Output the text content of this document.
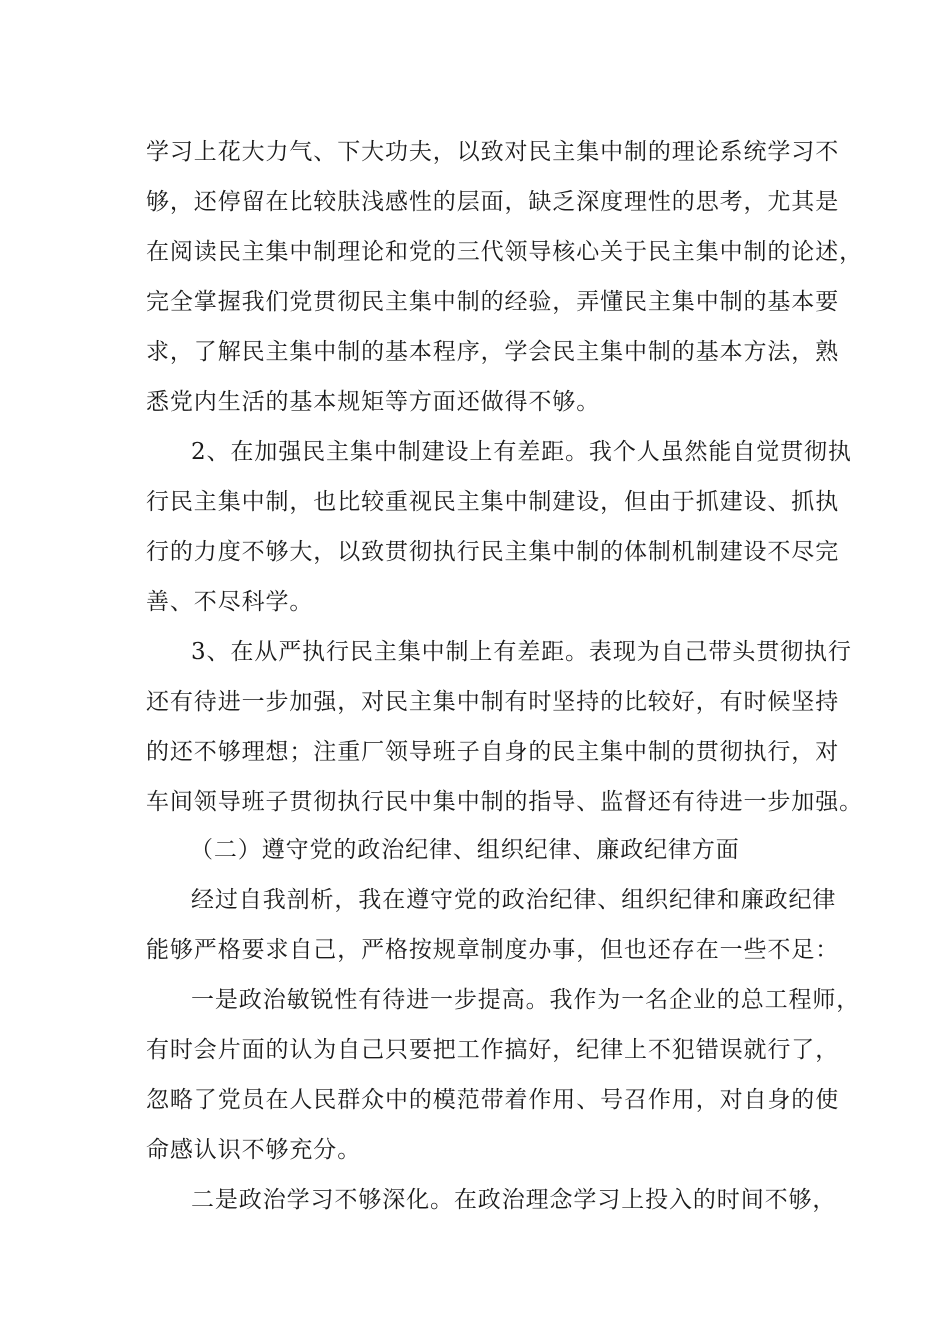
学习上花大力气、下大功夫，以致对民主集中制的理论系统学习不
够，还停留在比较肤浅感性的层面，缺乏深度理性的思考，尤其是
在阅读民主集中制理论和党的三代领导核心关于民主集中制的论述，
完全掌握我们党贯彻民主集中制的经验，弄懂民主集中制的基本要
求，了解民主集中制的基本程序，学会民主集中制的基本方法，熟
悉党内生活的基本规矩等方面还做得不够。
2、在加强民主集中制建设上有差距。我个人虽然能自觉贯彻执
行民主集中制，也比较重视民主集中制建设，但由于抓建设、抓执
行的力度不够大，以致贯彻执行民主集中制的体制机制建设不尽完
善、不尽科学。
3、在从严执行民主集中制上有差距。表现为自己带头贯彻执行
还有待进一步加强，对民主集中制有时坚持的比较好，有时候坚持
的还不够理想；注重厂领导班子自身的民主集中制的贯彻执行，对
车间领导班子贯彻执行民中集中制的指导、监督还有待进一步加强。
（二）遵守党的政治纪律、组织纪律、廉政纪律方面
经过自我剖析，我在遵守党的政治纪律、组织纪律和廉政纪律
能够严格要求自己，严格按规章制度办事，但也还存在一些不足：
一是政治敏锐性有待进一步提高。我作为一名企业的总工程师，
有时会片面的认为自己只要把工作搞好，纪律上不犯错误就行了，
忽略了党员在人民群众中的模范带着作用、号召作用，对自身的使
命感认识不够充分。
二是政治学习不够深化。在政治理念学习上投入的时间不够，
